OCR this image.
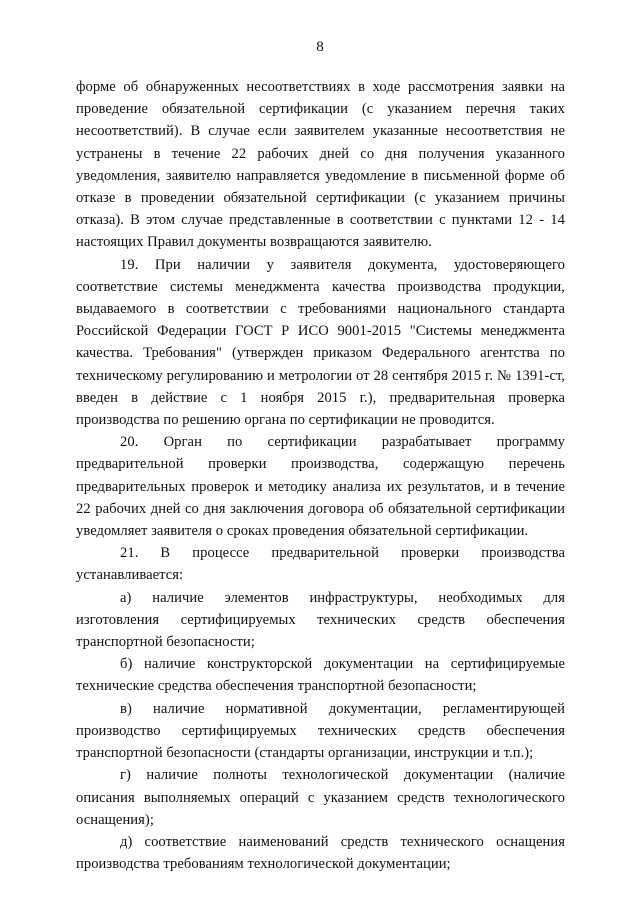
8

форме об обнаруженных несоответствиях в ходе рассмотрения заявки на проведение обязательной сертификации (с указанием перечня таких несоответствий). В случае если заявителем указанные несоответствия не устранены в течение 22 рабочих дней со дня получения указанного уведомления, заявителю направляется уведомление в письменной форме об отказе в проведении обязательной сертификации (с указанием причины отказа). В этом случае представленные в соответствии с пунктами 12 - 14 настоящих Правил документы возвращаются заявителю.

19. При наличии у заявителя документа, удостоверяющего соответствие системы менеджмента качества производства продукции, выдаваемого в соответствии с требованиями национального стандарта Российской Федерации ГОСТ Р ИСО 9001-2015 "Системы менеджмента качества. Требования" (утвержден приказом Федерального агентства по техническому регулированию и метрологии от 28 сентября 2015 г. № 1391-ст, введен в действие с 1 ноября 2015 г.), предварительная проверка производства по решению органа по сертификации не проводится.

20. Орган по сертификации разрабатывает программу предварительной проверки производства, содержащую перечень предварительных проверок и методику анализа их результатов, и в течение 22 рабочих дней со дня заключения договора об обязательной сертификации уведомляет заявителя о сроках проведения обязательной сертификации.

21. В процессе предварительной проверки производства устанавливается:

а) наличие элементов инфраструктуры, необходимых для изготовления сертифицируемых технических средств обеспечения транспортной безопасности;

б) наличие конструкторской документации на сертифицируемые технические средства обеспечения транспортной безопасности;

в) наличие нормативной документации, регламентирующей производство сертифицируемых технических средств обеспечения транспортной безопасности (стандарты организации, инструкции и т.п.);

г) наличие полноты технологической документации (наличие описания выполняемых операций с указанием средств технологического оснащения);

д) соответствие наименований средств технического оснащения производства требованиям технологической документации;
